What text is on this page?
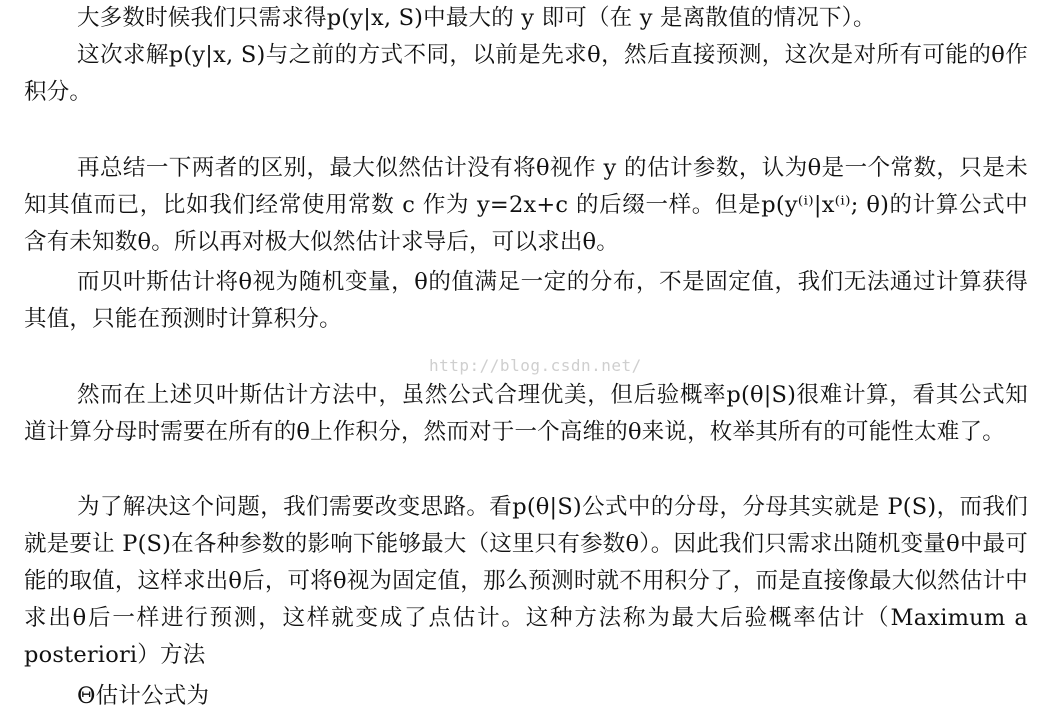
大多数时候我们只需求得p(y|x, S)中最大的 y 即可（在 y 是离散值的情况下）。

这次求解p(y|x, S)与之前的方式不同，以前是先求θ，然后直接预测，这次是对所有可能的θ作积分。

再总结一下两者的区别，最大似然估计没有将θ视作 y 的估计参数，认为θ是一个常数，只是未知其值而已，比如我们经常使用常数 c 作为 y=2x+c 的后缀一样。但是p(y⁽ⁱ⁾|x⁽ⁱ⁾; θ)的计算公式中含有未知数θ。所以再对极大似然估计求导后，可以求出θ。

而贝叶斯估计将θ视为随机变量，θ的值满足一定的分布，不是固定值，我们无法通过计算获得其值，只能在预测时计算积分。

然而在上述贝叶斯估计方法中，虽然公式合理优美，但后验概率p(θ|S)很难计算，看其公式知道计算分母时需要在所有的θ上作积分，然而对于一个高维的θ来说，枚举其所有的可能性太难了。

为了解决这个问题，我们需要改变思路。看p(θ|S)公式中的分母，分母其实就是 P(S)，而我们就是要让 P(S)在各种参数的影响下能够最大（这里只有参数θ）。因此我们只需求出随机变量θ中最可能的取值，这样求出θ后，可将θ视为固定值，那么预测时就不用积分了，而是直接像最大似然估计中求出θ后一样进行预测，这样就变成了点估计。这种方法称为最大后验概率估计（Maximum a posteriori）方法

Θ估计公式为

http://blog.csdn.net/
